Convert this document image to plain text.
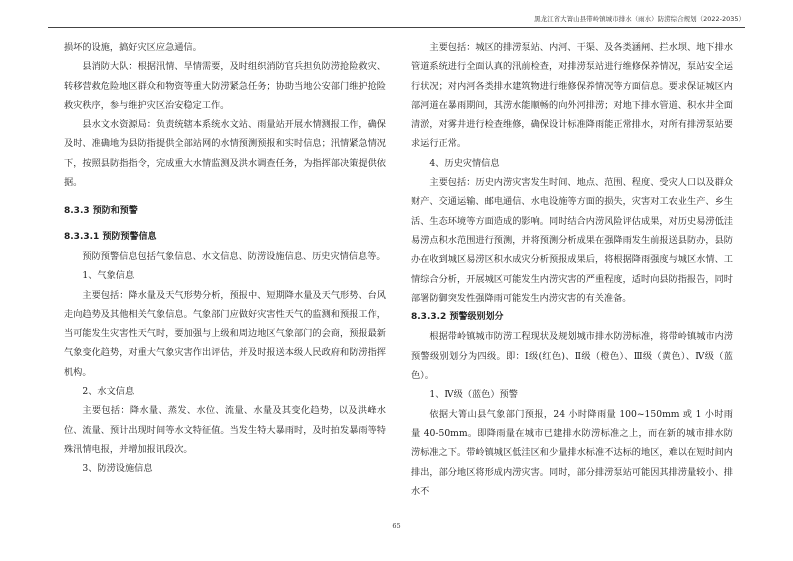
黑龙江省大箐山县带岭镇城市排水（雨水）防涝综合规划（2022-2035）

损坏的设施，搞好灾区应急通信。

县消防大队：根据汛情、旱情需要，及时组织消防官兵担负防涝抢险救灾、转移营救危险地区群众和物资等重大防涝紧急任务；协助当地公安部门维护抢险救灾秩序，参与维护灾区治安稳定工作。

县水文水资源局：负责统辖本系统水文站、雨量站开展水情测报工作，确保及时、准确地为县防指提供全部站网的水情预测预报和实时信息；汛情紧急情况下，按照县防指指令，完成重大水情监测及洪水调查任务，为指挥部决策提供依据。

8.3.3 预防和预警
8.3.3.1 预防预警信息

预防预警信息包括气象信息、水文信息、防涝设施信息、历史灾情信息等。

1、气象信息

主要包括：降水量及天气形势分析，预报中、短期降水量及天气形势、台风走向趋势及其他相关气象信息。气象部门应做好灾害性天气的监测和预报工作，当可能发生灾害性天气时，要加强与上级和周边地区气象部门的会商，预报最新气象变化趋势，对重大气象灾害作出评估，并及时报送本级人民政府和防涝指挥机构。

2、水文信息

主要包括：降水量、蒸发、水位、流量、水量及其变化趋势，以及洪峰水位、流量、预计出现时间等水文特征值。当发生特大暴雨时，及时拍发暴雨等特殊汛情电报，并增加报讯段次。

3、防涝设施信息

主要包括：城区的排涝泵站、内河、干渠、及各类涵闸、拦水坝、地下排水管道系统进行全面认真的汛前检查，对排涝泵站进行维修保养情况，泵站安全运行状况；对内河各类排水建筑物进行维修保养情况等方面信息。要求保证城区内部河道在暴雨期间，其涝水能顺畅的向外河排涝；对地下排水管道、积水井全面清淤，对雾井进行检查维修，确保设计标准降雨能正常排水，对所有排涝泵站要求运行正常。

4、历史灾情信息

主要包括：历史内涝灾害发生时间、地点、范围、程度、受灾人口以及群众财产、交通运输、邮电通信、水电设施等方面的损失，灾害对工农业生产、乡生活、生态环境等方面造成的影响。同时结合内涝风险评估成果，对历史易涝低洼易涝点积水范围进行预测，并将预测分析成果在强降雨发生前报送县防办，县防办在收到城区易涝区积水成灾分析预报成果后，将根据降雨强度与城区水情、工情综合分析，开展城区可能发生内涝灾害的严重程度，适时向县防指报告，同时部署防御突发性强降雨可能发生内涝灾害的有关准备。

8.3.3.2 预警级别划分

根据带岭镇城市防涝工程现状及规划城市排水防涝标准，将带岭镇城市内涝预警级别划分为四级。即：Ⅰ级(红色)、Ⅱ级（橙色）、Ⅲ级（黄色）、Ⅳ级（蓝色）。

1、Ⅳ级（蓝色）预警

依据大箐山县气象部门预报，24 小时降雨量 100~150mm 或 1 小时雨量 40-50mm。即降雨量在城市已建排水防涝标准之上，而在新的城市排水防涝标准之下。带岭镇城区低洼区和少量排水标准不达标的地区，难以在短时间内排出，部分地区将形成内涝灾害。同时，部分排涝泵站可能因其排涝量较小、排水不

65
